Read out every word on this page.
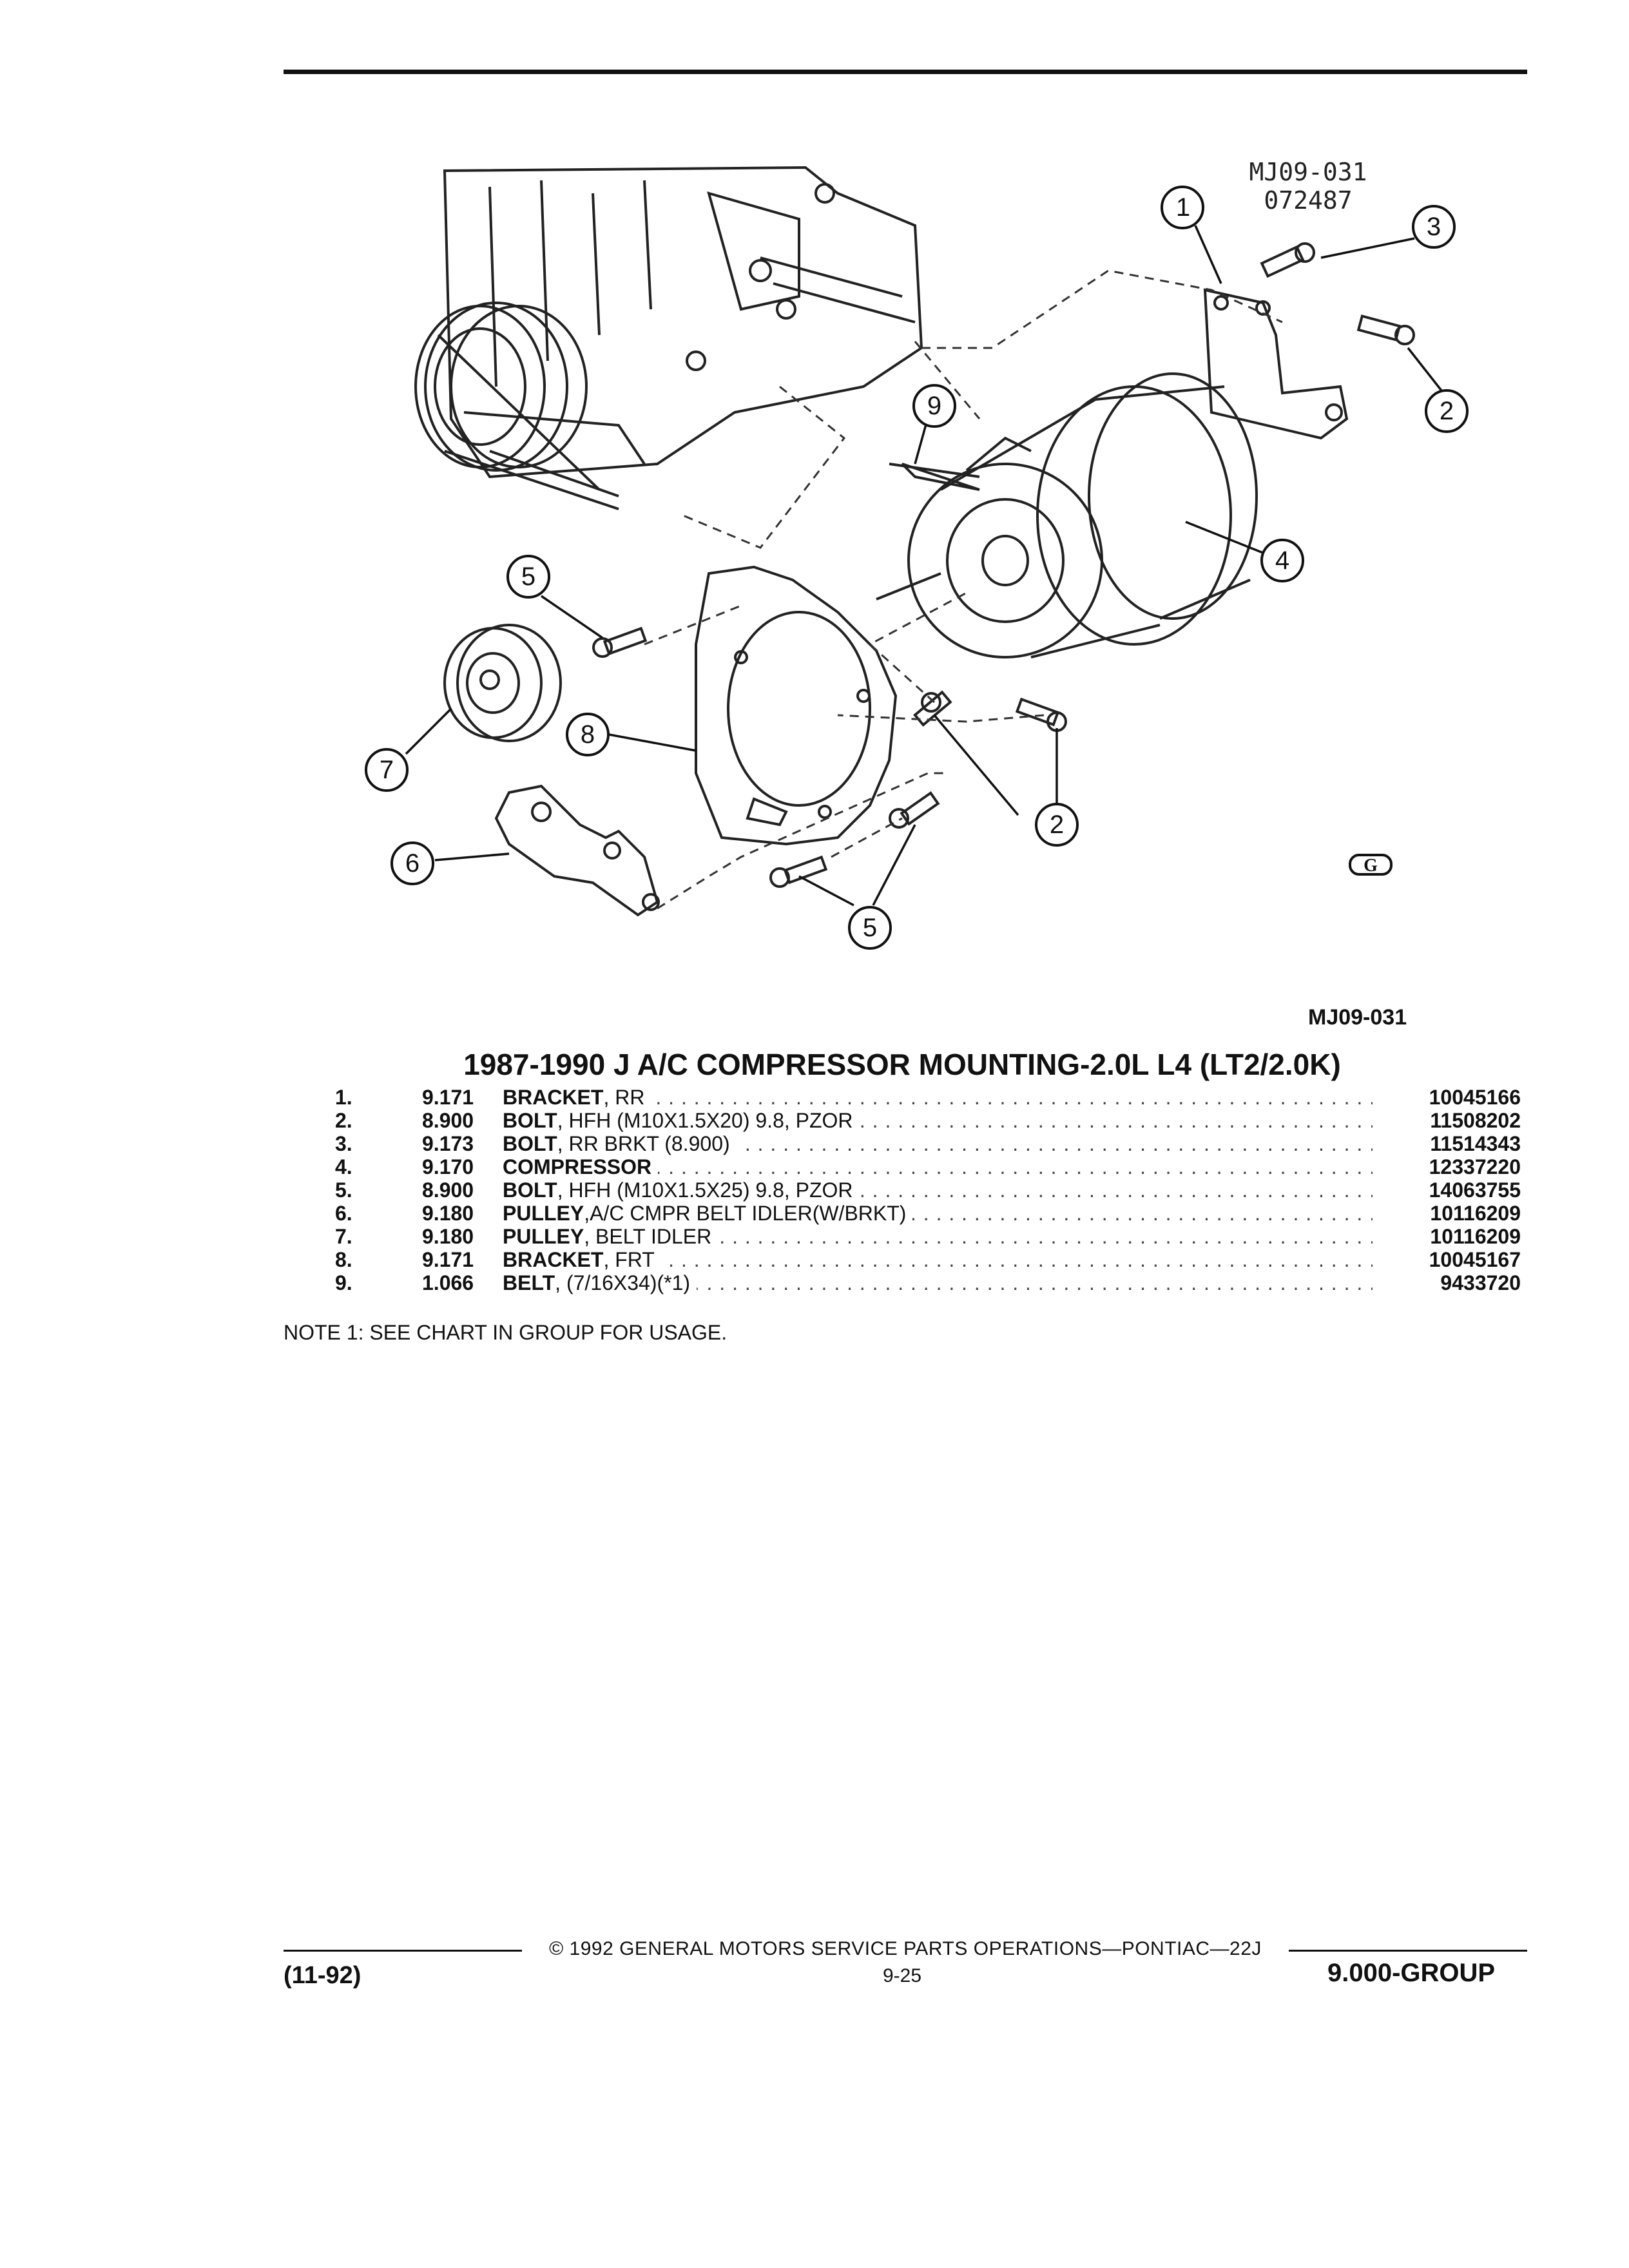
G
1
3
2
4
5
9
7
8
6
2
5
MJ09-031
072487
MJ09-031
1987-1990 J A/C COMPRESSOR MOUNTING-2.0L L4 (LT2/2.0K)
1.	9.171	BRACKET, RR . . .	10045166
2.	8.900	BOLT, HFH (M10X1.5X20) 9.8, PZOR . . .	11508202
3.	9.173	BOLT, RR BRKT (8.900) . . .	11514343
4.	9.170	COMPRESSOR . . .	12337220
5.	8.900	BOLT, HFH (M10X1.5X25) 9.8, PZOR . . .	14063755
6.	9.180	PULLEY,A/C CMPR BELT IDLER(W/BRKT) . . .	10116209
7.	9.180	PULLEY, BELT IDLER . . .	10116209
8.	9.171	BRACKET, FRT . . .	10045167
9.	1.066	BELT, (7/16X34)(*1) . . .	9433720
NOTE 1: SEE CHART IN GROUP FOR USAGE.
© 1992 GENERAL MOTORS SERVICE PARTS OPERATIONS—PONTIAC—22J
(11-92)	9-25	9.000-GROUP
